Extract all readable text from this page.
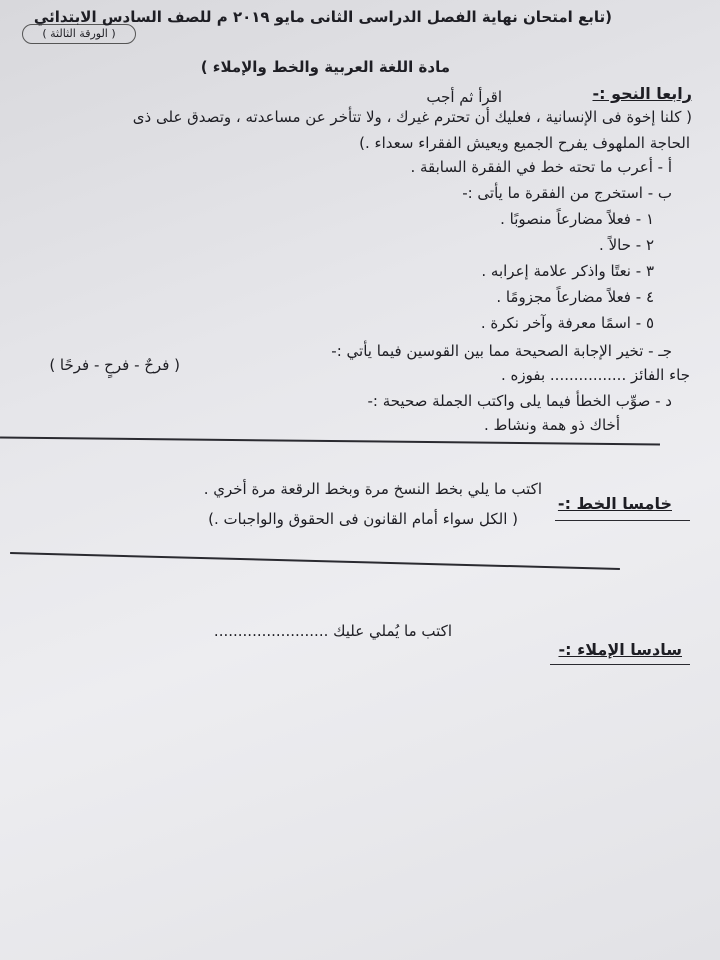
( الورقة الثالثة )
(تابع امتحان نهاية الفصل الدراسى الثانى مايو ٢٠١٩ م للصف السادس الابتدائي
مادة اللغة العربية والخط والإملاء )
رابعا النحو :-
اقرأ ثم أجب
( كلنا إخوة فى الإنسانية ، فعليك أن تحترم غيرك ، ولا تتأخر عن مساعدته ، وتصدق على ذى
الحاجة الملهوف يفرح الجميع ويعيش الفقراء سعداء .)
أ - أعرب ما تحته خط في الفقرة السابقة .
ب - استخرج من الفقرة ما يأتى :-
١ - فعلاً مضارعاً منصوبًا .
٢ - حالاً .
٣ - نعتًا واذكر علامة إعرابه .
٤ - فعلاً مضارعاً مجزومًا .
٥ - اسمًا معرفة وآخر نكرة .
جـ - تخير الإجابة الصحيحة مما بين القوسين فيما يأتي :-
جاء الفائز ................ بفوزه .
( فرحٌ - فرحٍ - فرحًا )
د - صوِّب الخطأ فيما يلى واكتب الجملة صحيحة :-
أخاك ذو همة ونشاط .
خامسا الخط :-
اكتب ما يلي بخط النسخ مرة وبخط الرقعة مرة أخري .
( الكل سواء أمام القانون فى الحقوق والواجبات .)
سادسا الإملاء :-
اكتب ما يُملي عليك ........................
